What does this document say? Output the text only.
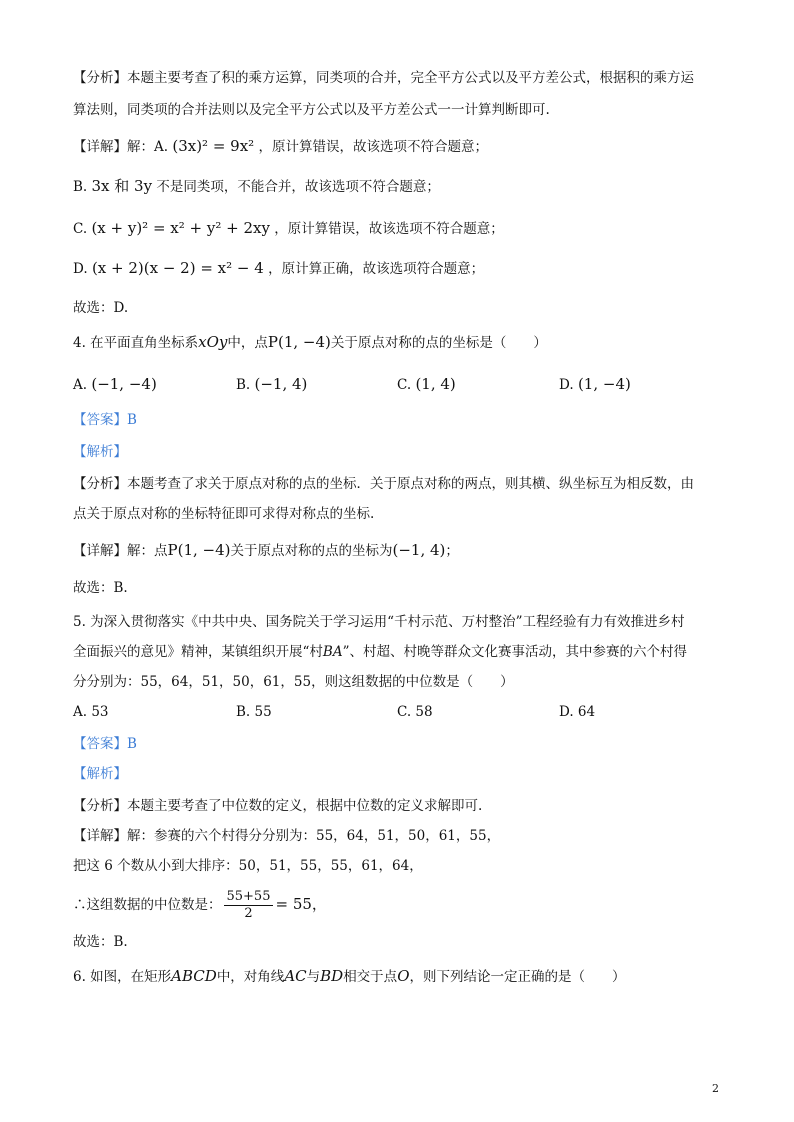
【分析】本题主要考查了积的乘方运算，同类项的合并，完全平方公式以及平方差公式，根据积的乘方运
算法则，同类项的合并法则以及完全平方公式以及平方差公式一一计算判断即可.
【详解】解：A. (3x)² = 9x² ，原计算错误，故该选项不符合题意；
B. 3x 和 3y 不是同类项，不能合并，故该选项不符合题意；
C. (x + y)² = x² + y² + 2xy ，原计算错误，故该选项不符合题意；
D. (x + 2)(x − 2) = x² − 4 ，原计算正确，故该选项符合题意；
故选：D.
4. 在平面直角坐标系xOy中，点P(1, −4)关于原点对称的点的坐标是（　　）
A. (−1, −4)	B. (−1, 4)	C. (1, 4)	D. (1, −4)
【答案】B
【解析】
【分析】本题考查了求关于原点对称的点的坐标．关于原点对称的两点，则其横、纵坐标互为相反数，由
点关于原点对称的坐标特征即可求得对称点的坐标.
【详解】解：点P(1, −4)关于原点对称的点的坐标为(−1, 4)；
故选：B.
5. 为深入贯彻落实《中共中央、国务院关于学习运用“千村示范、万村整治”工程经验有力有效推进乡村
全面振兴的意见》精神，某镇组织开展“村BA”、村超、村晚等群众文化赛事活动，其中参赛的六个村得
分分别为：55，64，51，50，61，55，则这组数据的中位数是（　　）
A. 53	B. 55	C. 58	D. 64
【答案】B
【解析】
【分析】本题主要考查了中位数的定义，根据中位数的定义求解即可.
【详解】解：参赛的六个村得分分别为：55，64，51，50，61，55，
把这 6 个数从小到大排序：50，51，55，55，61，64，
∴这组数据的中位数是： $\frac{55+55}{2} = 55$，
故选：B.
6. 如图，在矩形ABCD中，对角线AC与BD相交于点O，则下列结论一定正确的是（　　）
2
